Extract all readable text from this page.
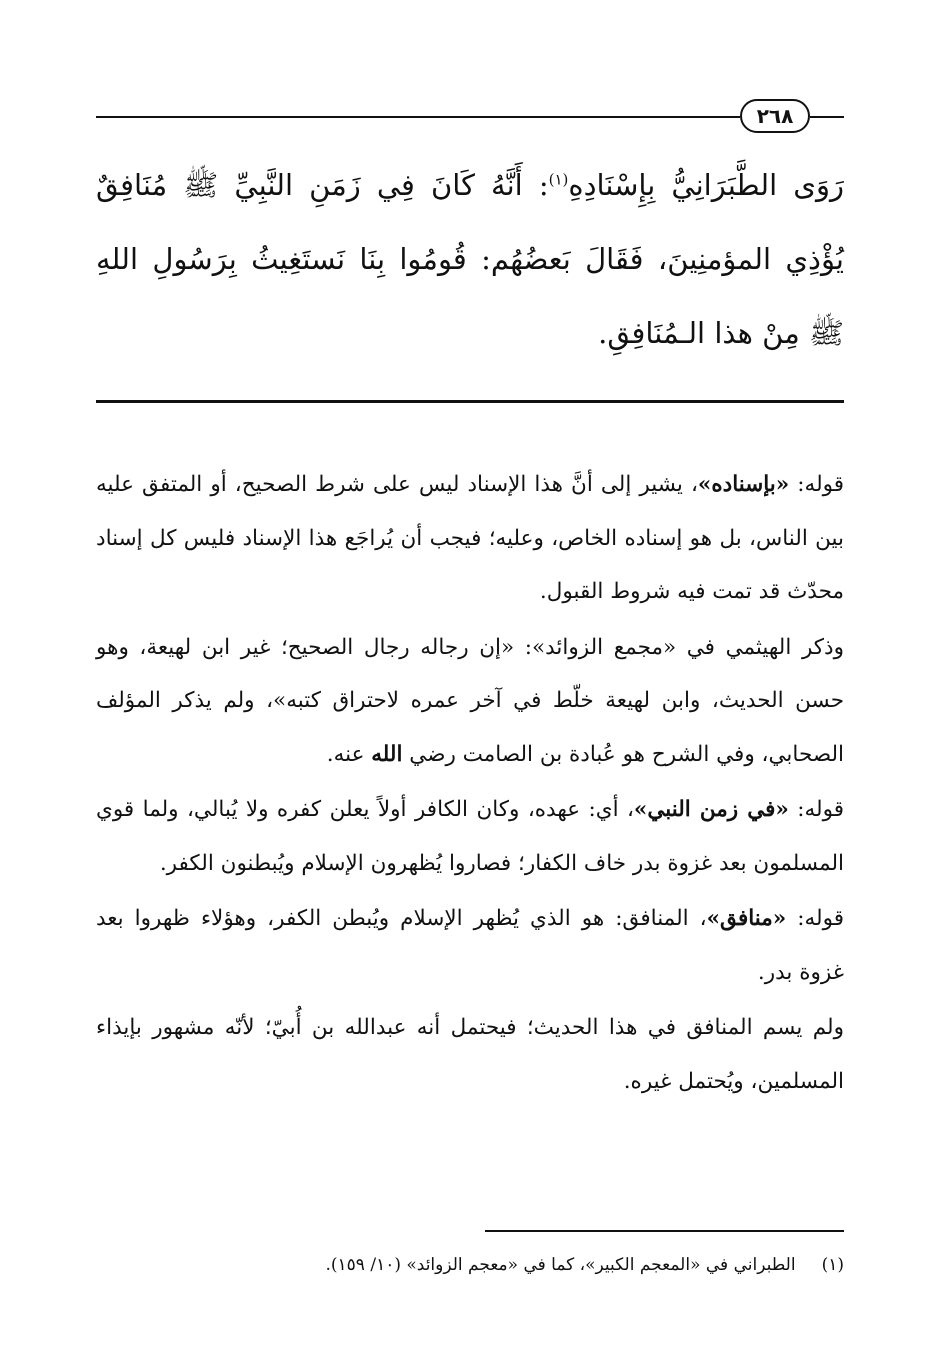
٢٦٨
رَوَى الطَّبَرَانِيُّ بِإِسْنَادِهِ$^{(١)}$: أَنَّهُ كَانَ فِي زَمَنِ النَّبِيِّ ﷺ مُنَافِقٌ يُؤْذِي المؤمنِينَ، فَقَالَ بَعضُهُم: قُومُوا بِنَا نَستَغِيثُ بِرَسُولِ اللهِ ﷺ مِنْ هذا الـمُنَافِقِ.

قوله: «بإسناده»، يشير إلى أنَّ هذا الإسناد ليس على شرط الصحيح، أو المتفق عليه بين الناس، بل هو إسناده الخاص، وعليه؛ فيجب أن يُراجَع هذا الإسناد فليس كل إسناد محدّث قد تمت فيه شروط القبول.

وذكر الهيثمي في «مجمع الزوائد»: «إن رجاله رجال الصحيح؛ غير ابن لهيعة، وهو حسن الحديث، وابن لهيعة خلّط في آخر عمره لاحتراق كتبه»، ولم يذكر المؤلف الصحابي، وفي الشرح هو عُبادة بن الصامت رضي الله عنه.

قوله: «في زمن النبي»، أي: عهده، وكان الكافر أولاً يعلن كفره ولا يُبالي، ولما قوي المسلمون بعد غزوة بدر خاف الكفار؛ فصاروا يُظهرون الإسلام ويُبطنون الكفر.

قوله: «منافق»، المنافق: هو الذي يُظهر الإسلام ويُبطن الكفر، وهؤلاء ظهروا بعد غزوة بدر.

ولم يسم المنافق في هذا الحديث؛ فيحتمل أنه عبدالله بن أُبيّ؛ لأنّه مشهور بإيذاء المسلمين، ويُحتمل غيره.

(١)الطبراني في «المعجم الكبير»، كما في «معجم الزوائد» (١٠/ ١٥٩).
